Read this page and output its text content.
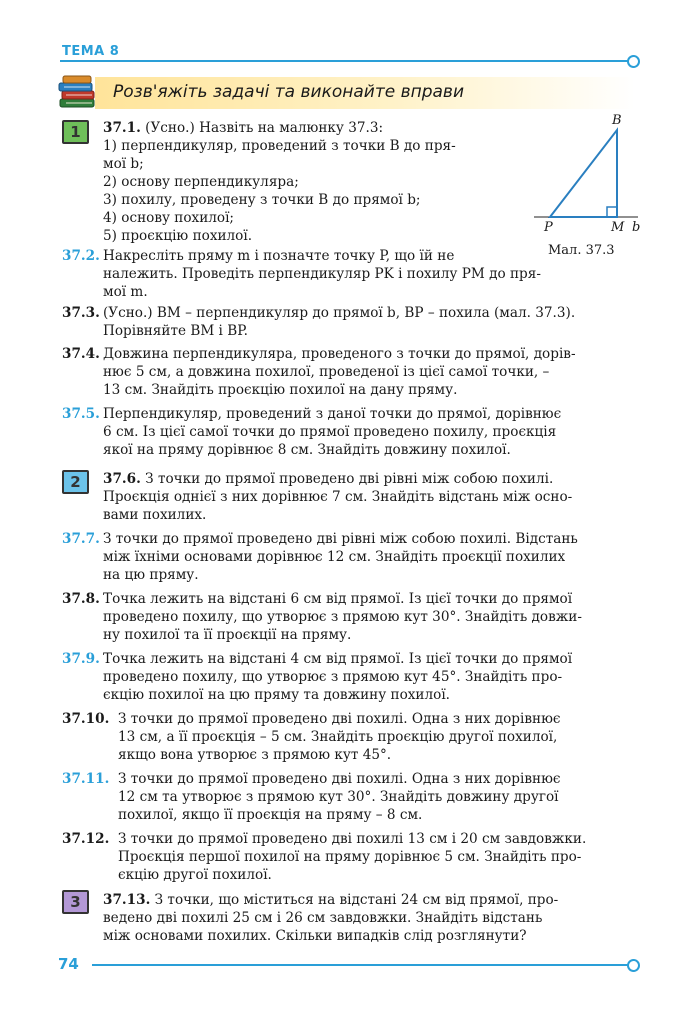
ТЕМА 8
Розв'яжіть задачі та виконайте вправи
1
2
3
B
P	M b
Мал. 37.3
37.1. (Усно.) Назвіть на малюнку 37.3:
1) перпендикуляр, проведений з точки B до пря-
мої b;
2) основу перпендикуляра;
3) похилу, проведену з точки B до прямої b;
4) основу похилої;
5) проєкцію похилої.
37.2. Накресліть пряму m і позначте точку P, що їй не
належить. Проведіть перпендикуляр PK і похилу PM до пря-
мої m.
37.3. (Усно.) BM – перпендикуляр до прямої b, BP – похила (мал. 37.3).
Порівняйте BM і BP.
37.4. Довжина перпендикуляра, проведеного з точки до прямої, дорів-
нює 5 см, а довжина похилої, проведеної із цієї самої точки, –
13 см. Знайдіть проєкцію похилої на дану пряму.
37.5. Перпендикуляр, проведений з даної точки до прямої, дорівнює
6 см. Із цієї самої точки до прямої проведено похилу, проєкція
якої на пряму дорівнює 8 см. Знайдіть довжину похилої.
37.6. З точки до прямої проведено дві рівні між собою похилі.
Проєкція однієї з них дорівнює 7 см. Знайдіть відстань між осно-
вами похилих.
37.7. З точки до прямої проведено дві рівні між собою похилі. Відстань
між їхніми основами дорівнює 12 см. Знайдіть проєкції похилих
на цю пряму.
37.8. Точка лежить на відстані 6 см від прямої. Із цієї точки до прямої
проведено похилу, що утворює з прямою кут 30°. Знайдіть довжи-
ну похилої та її проєкції на пряму.
37.9. Точка лежить на відстані 4 см від прямої. Із цієї точки до прямої
проведено похилу, що утворює з прямою кут 45°. Знайдіть про-
єкцію похилої на цю пряму та довжину похилої.
37.10. З точки до прямої проведено дві похилі. Одна з них дорівнює
13 см, а її проєкція – 5 см. Знайдіть проєкцію другої похилої,
якщо вона утворює з прямою кут 45°.
37.11. З точки до прямої проведено дві похилі. Одна з них дорівнює
12 см та утворює з прямою кут 30°. Знайдіть довжину другої
похилої, якщо її проєкція на пряму – 8 см.
37.12. З точки до прямої проведено дві похилі 13 см і 20 см завдовжки.
Проєкція першої похилої на пряму дорівнює 5 см. Знайдіть про-
єкцію другої похилої.
37.13. З точки, що міститься на відстані 24 см від прямої, про-
ведено дві похилі 25 см і 26 см завдовжки. Знайдіть відстань
між основами похилих. Скільки випадків слід розглянути?
74
